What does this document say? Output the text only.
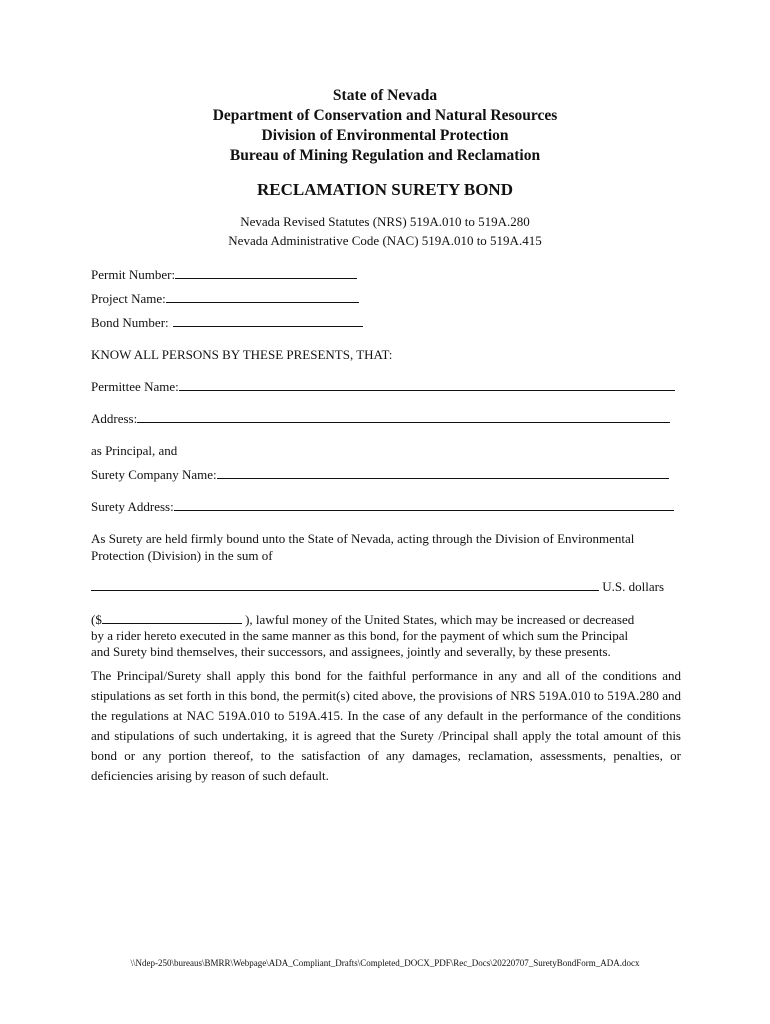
State of Nevada
Department of Conservation and Natural Resources
Division of Environmental Protection
Bureau of Mining Regulation and Reclamation
RECLAMATION SURETY BOND
Nevada Revised Statutes (NRS) 519A.010 to 519A.280
Nevada Administrative Code (NAC) 519A.010 to 519A.415
Permit Number:
Project Name:
Bond Number:
KNOW ALL PERSONS BY THESE PRESENTS, THAT:
Permittee Name:
Address:
as Principal, and
Surety Company Name:
Surety Address:
As Surety are held firmly bound unto the State of Nevada, acting through the Division of Environmental
Protection (Division) in the sum of
U.S. dollars
($	), lawful money of the United States, which may be increased or decreased
by a rider hereto executed in the same manner as this bond, for the payment of which sum the Principal
and Surety bind themselves, their successors, and assignees, jointly and severally, by these presents.
The Principal/Surety shall apply this bond for the faithful performance in any and all of the conditions and stipulations as set forth in this bond, the permit(s) cited above, the provisions of NRS 519A.010 to 519A.280 and the regulations at NAC 519A.010 to 519A.415. In the case of any default in the performance of the conditions and stipulations of such undertaking, it is agreed that the Surety /Principal shall apply the total amount of this bond or any portion thereof, to the satisfaction of any damages, reclamation, assessments, penalties, or deficiencies arising by reason of such default.
\\Ndep-250\bureaus\BMRR\Webpage\ADA_Compliant_Drafts\Completed_DOCX_PDF\Rec_Docs\20220707_SuretyBondForm_ADA.docx
